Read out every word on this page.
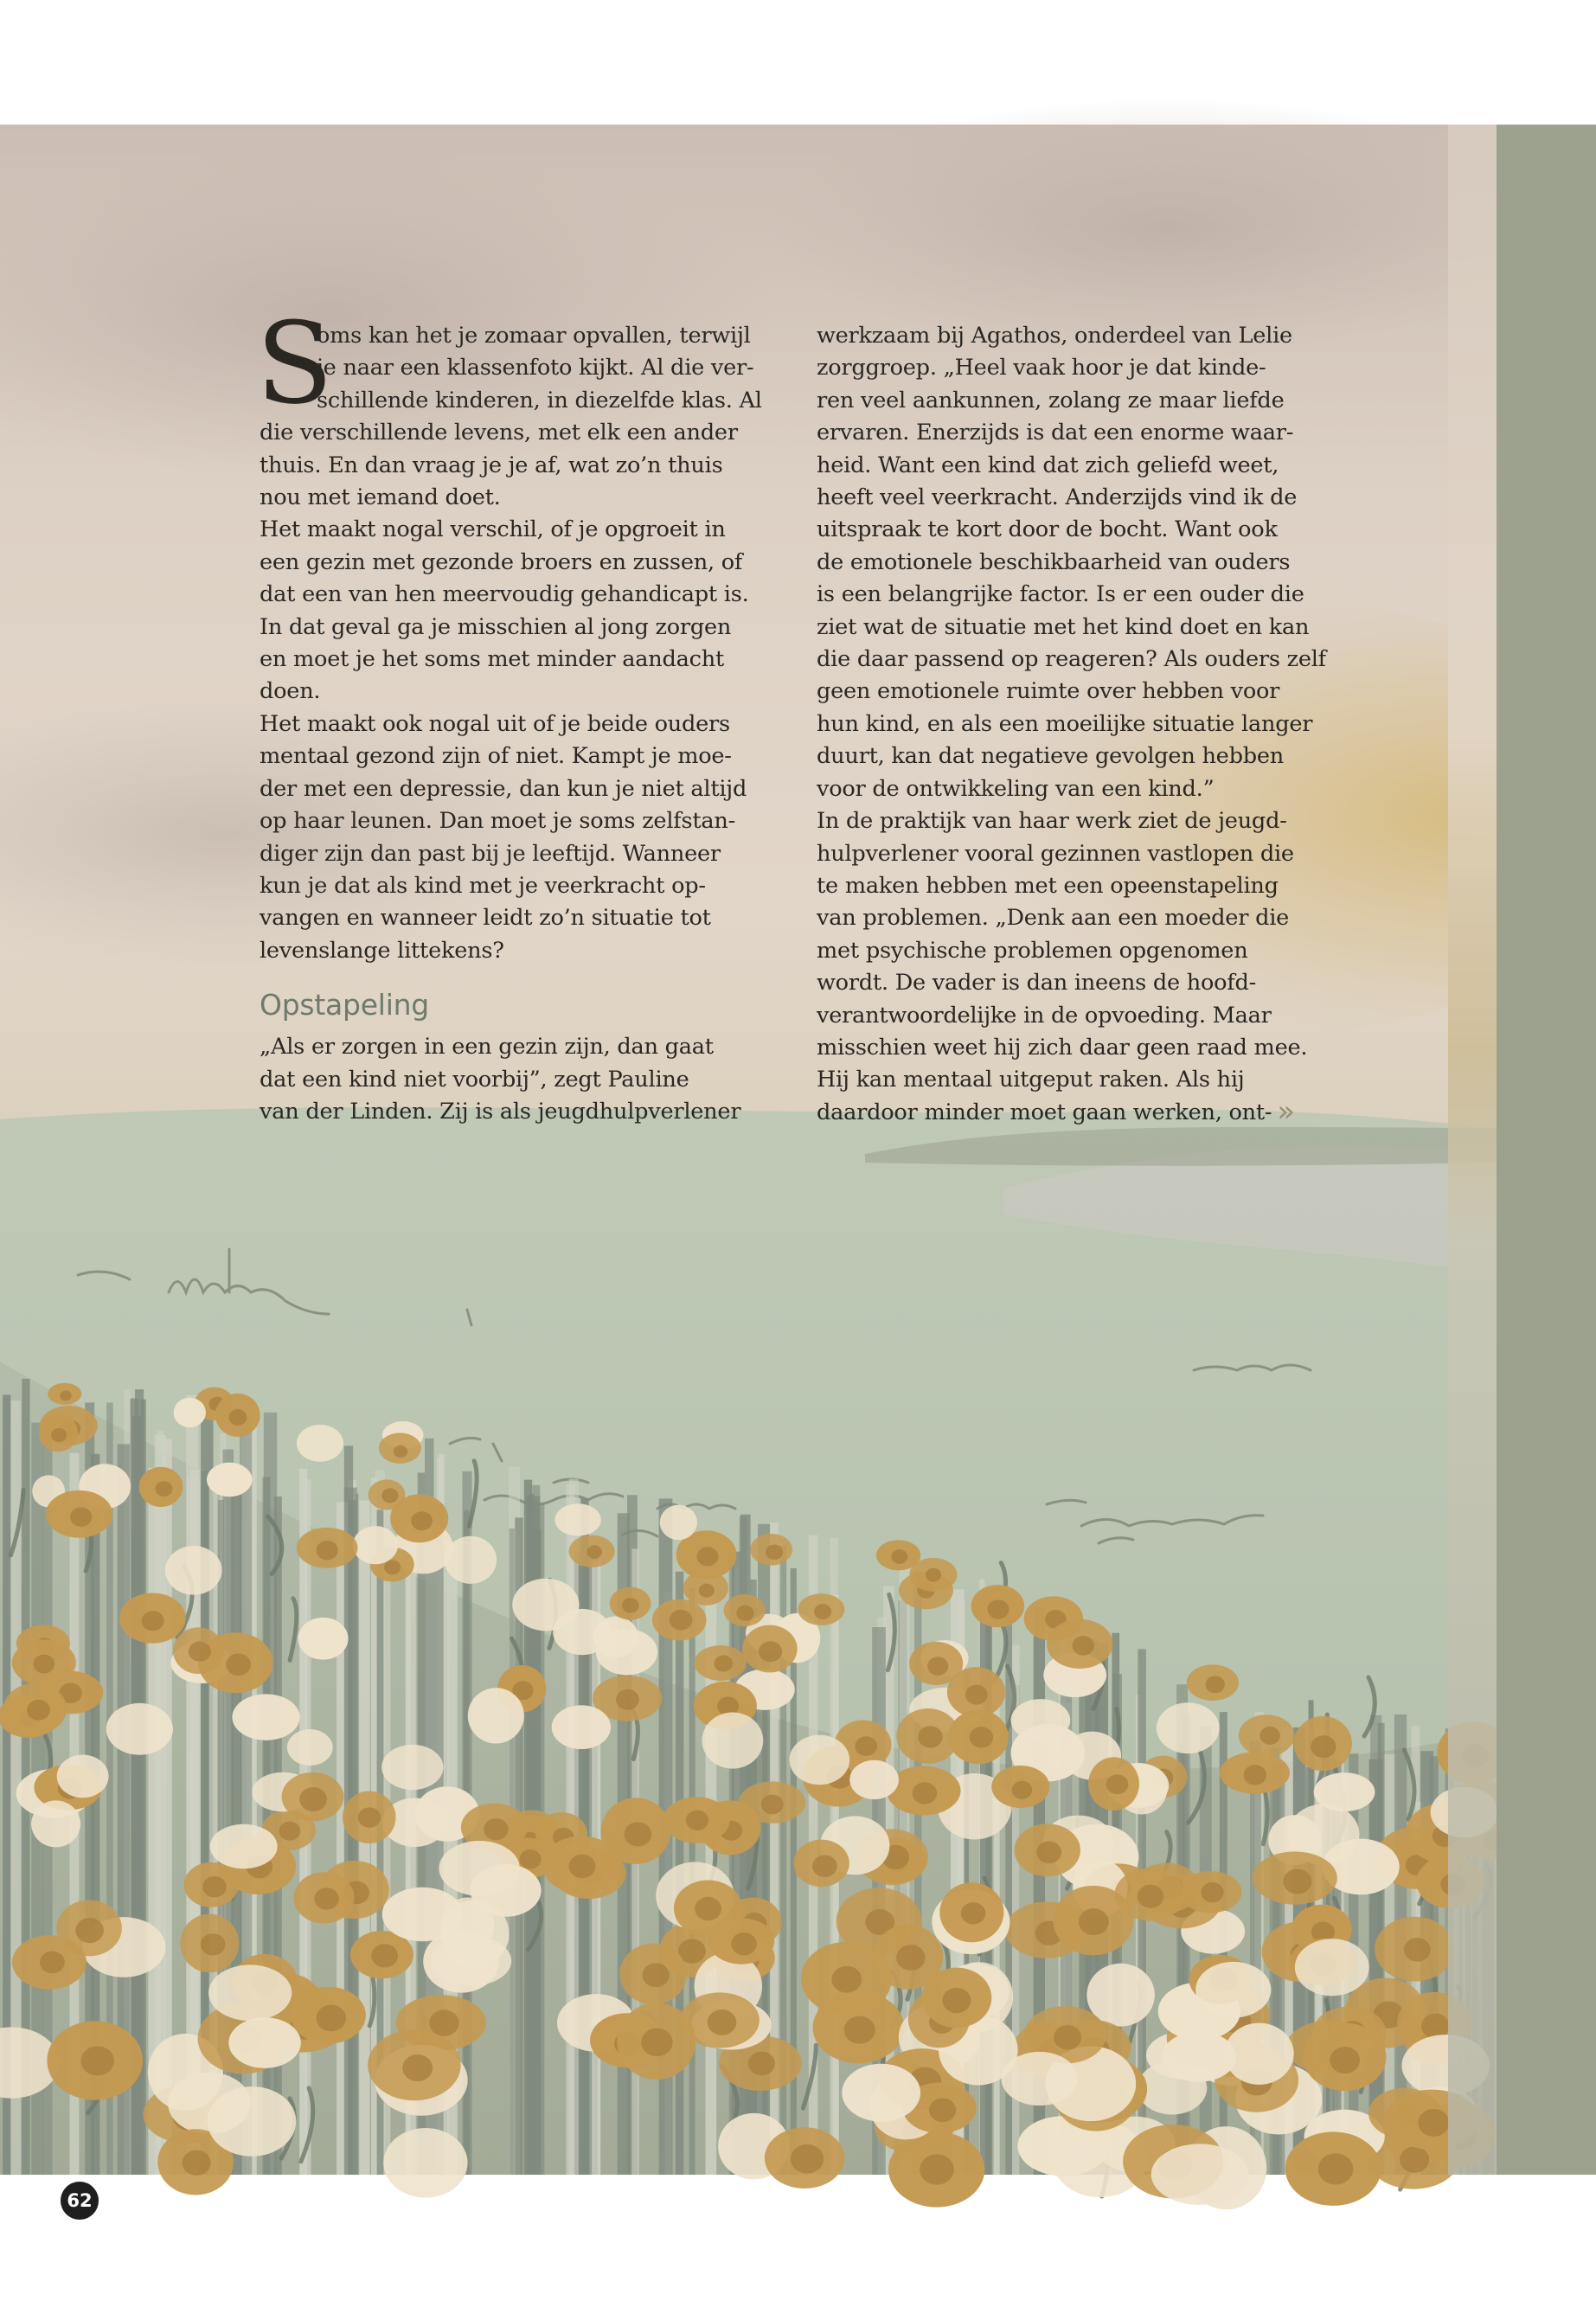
S

oms kan het je zomaar opvallen, terwijl

je naar een klassenfoto kijkt. Al die ver-

schillende kinderen, in diezelfde klas. Al

die verschillende levens, met elk een ander

thuis. En dan vraag je je af, wat zo’n thuis

nou met iemand doet.

Het maakt nogal verschil, of je opgroeit in

een gezin met gezonde broers en zussen, of

dat een van hen meervoudig gehandicapt is.

In dat geval ga je misschien al jong zorgen

en moet je het soms met minder aandacht

doen.

Het maakt ook nogal uit of je beide ouders

mentaal gezond zijn of niet. Kampt je moe-

der met een depressie, dan kun je niet altijd

op haar leunen. Dan moet je soms zelfstan-

diger zijn dan past bij je leeftijd. Wanneer

kun je dat als kind met je veerkracht op-

vangen en wanneer leidt zo’n situatie tot

levenslange littekens?

Opstapeling

„Als er zorgen in een gezin zijn, dan gaat

dat een kind niet voorbij”, zegt Pauline

van der Linden. Zij is als jeugdhulpverlener

werkzaam bij Agathos, onderdeel van Lelie

zorggroep. „Heel vaak hoor je dat kinde-

ren veel aankunnen, zolang ze maar liefde

ervaren. Enerzijds is dat een enorme waar-

heid. Want een kind dat zich geliefd weet,

heeft veel veerkracht. Anderzijds vind ik de

uitspraak te kort door de bocht. Want ook

de emotionele beschikbaarheid van ouders

is een belangrijke factor. Is er een ouder die

ziet wat de situatie met het kind doet en kan

die daar passend op reageren? Als ouders zelf

geen emotionele ruimte over hebben voor

hun kind, en als een moeilijke situatie langer

duurt, kan dat negatieve gevolgen hebben

voor de ontwikkeling van een kind.”

In de praktijk van haar werk ziet de jeugd-

hulpverlener vooral gezinnen vastlopen die

te maken hebben met een opeenstapeling

van problemen. „Denk aan een moeder die

met psychische problemen opgenomen

wordt. De vader is dan ineens de hoofd-

verantwoordelijke in de opvoeding. Maar

misschien weet hij zich daar geen raad mee.

Hij kan mentaal uitgeput raken. Als hij

daardoor minder moet gaan werken, ont- »

62
